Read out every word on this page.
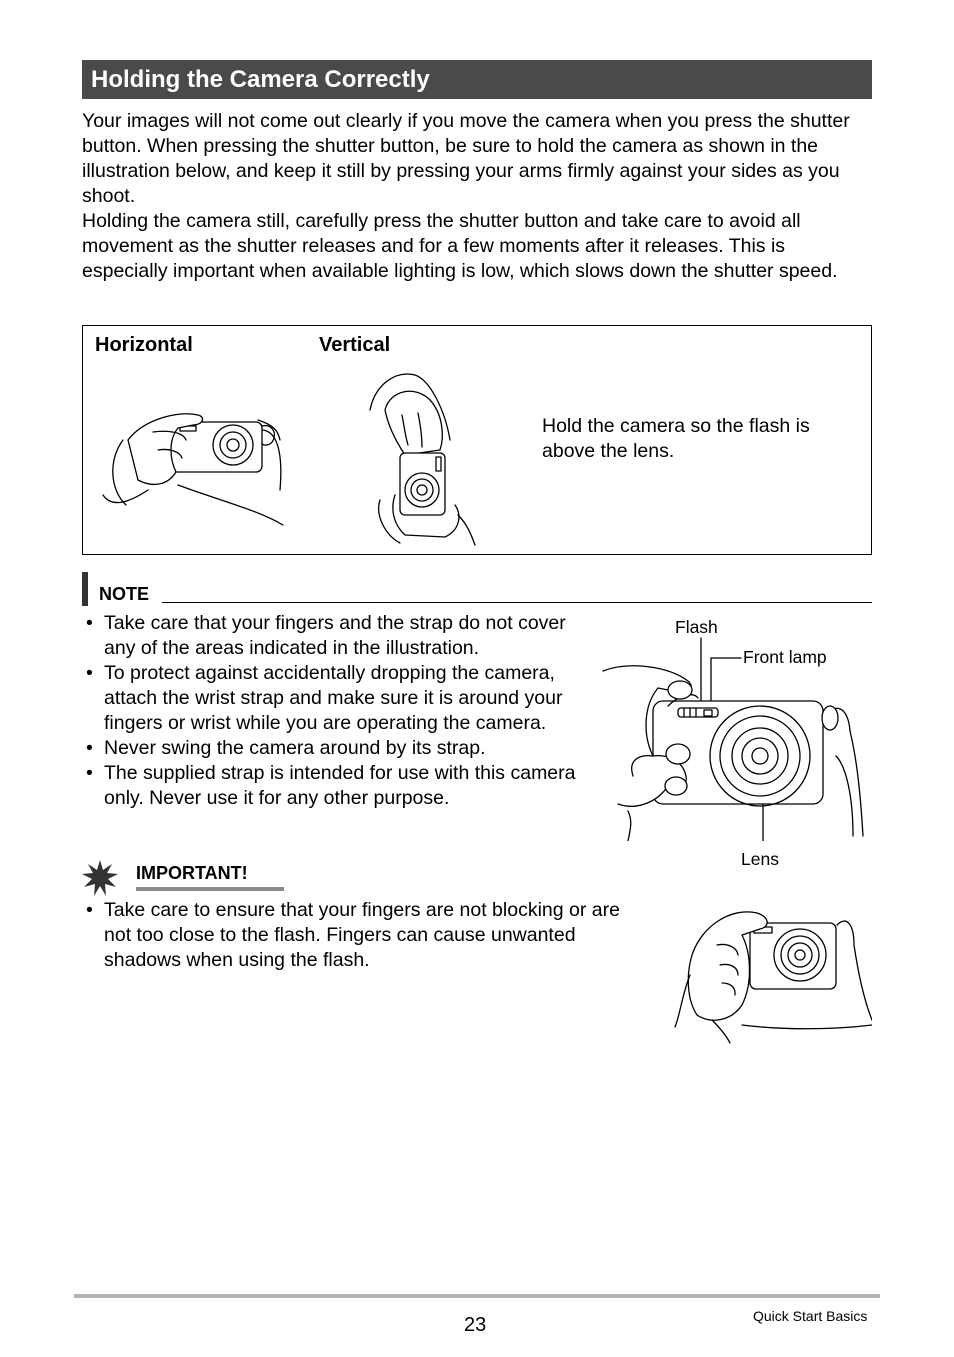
Holding the Camera Correctly

Your images will not come out clearly if you move the camera when you press the shutter button. When pressing the shutter button, be sure to hold the camera as shown in the illustration below, and keep it still by pressing your arms firmly against your sides as you shoot.

Holding the camera still, carefully press the shutter button and take care to avoid all movement as the shutter releases and for a few moments after it releases. This is especially important when available lighting is low, which slows down the shutter speed.

Horizontal	Vertical
Hold the camera so the flash is above the lens.
NOTE
• Take care that your fingers and the strap do not cover any of the areas indicated in the illustration.
• To protect against accidentally dropping the camera, attach the wrist strap and make sure it is around your fingers or wrist while you are operating the camera.
• Never swing the camera around by its strap.
• The supplied strap is intended for use with this camera only. Never use it for any other purpose.
Flash
Front lamp
Lens
IMPORTANT!
• Take care to ensure that your fingers are not blocking or are not too close to the flash. Fingers can cause unwanted shadows when using the flash.
23	Quick Start Basics
